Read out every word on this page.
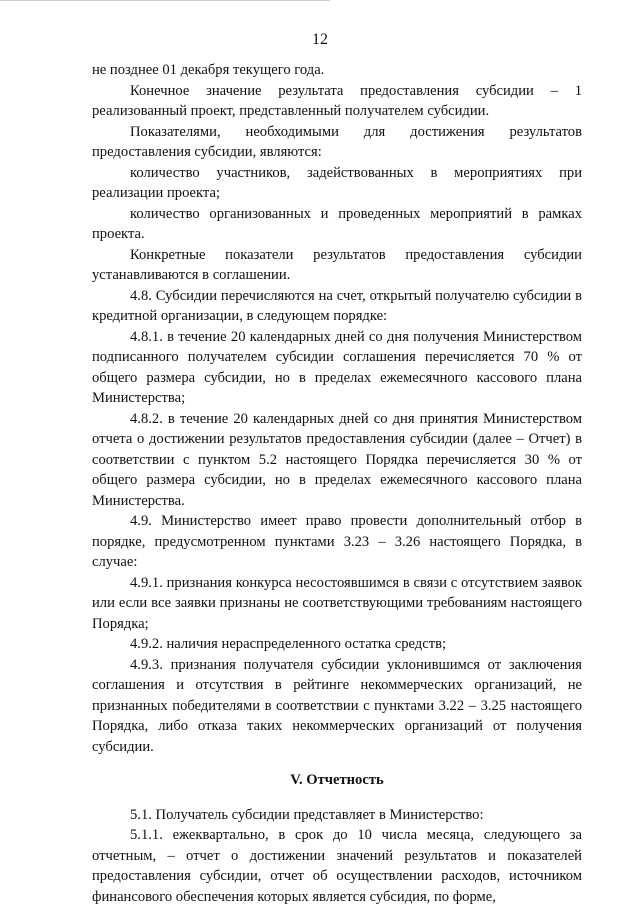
12

не позднее 01 декабря текущего года.

Конечное значение результата предоставления субсидии – 1 реализованный проект, представленный получателем субсидии.

Показателями, необходимыми для достижения результатов предоставления субсидии, являются:

количество участников, задействованных в мероприятиях при реализации проекта;

количество организованных и проведенных мероприятий в рамках проекта.

Конкретные показатели результатов предоставления субсидии устанавливаются в соглашении.

4.8. Субсидии перечисляются на счет, открытый получателю субсидии в кредитной организации, в следующем порядке:

4.8.1. в течение 20 календарных дней со дня получения Министерством подписанного получателем субсидии соглашения перечисляется 70 % от общего размера субсидии, но в пределах ежемесячного кассового плана Министерства;

4.8.2. в течение 20 календарных дней со дня принятия Министерством отчета о достижении результатов предоставления субсидии (далее – Отчет) в соответствии с пунктом 5.2 настоящего Порядка перечисляется 30 % от общего размера субсидии, но в пределах ежемесячного кассового плана Министерства.

4.9. Министерство имеет право провести дополнительный отбор в порядке, предусмотренном пунктами 3.23 – 3.26 настоящего Порядка, в случае:

4.9.1. признания конкурса несостоявшимся в связи с отсутствием заявок или если все заявки признаны не соответствующими требованиям настоящего Порядка;

4.9.2. наличия нераспределенного остатка средств;

4.9.3. признания получателя субсидии уклонившимся от заключения соглашения и отсутствия в рейтинге некоммерческих организаций, не признанных победителями в соответствии с пунктами 3.22 – 3.25 настоящего Порядка, либо отказа таких некоммерческих организаций от получения субсидии.

V. Отчетность

5.1. Получатель субсидии представляет в Министерство:

5.1.1. ежеквартально, в срок до 10 числа месяца, следующего за отчетным, – отчет о достижении значений результатов и показателей предоставления субсидии, отчет об осуществлении расходов, источником финансового обеспечения которых является субсидия, по форме,
